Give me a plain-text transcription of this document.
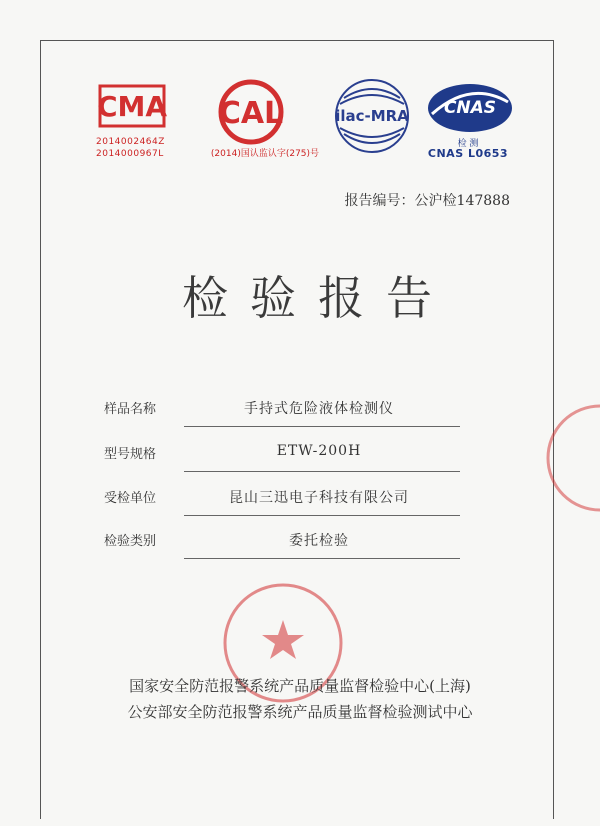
CMA
2014002464Z
2014000967L
CAL
(2014)国认监认字(275)号
ilac-MRA CNAS
检 测
CNAS L0653
报告编号：公沪检147888
检验报告
样品名称	手持式危险液体检测仪
型号规格	ETW-200H
受检单位	昆山三迅电子科技有限公司
检验类别	委托检验
国家安全防范报警系统产品质量监督检验中心(上海)
公安部安全防范报警系统产品质量监督检验测试中心
